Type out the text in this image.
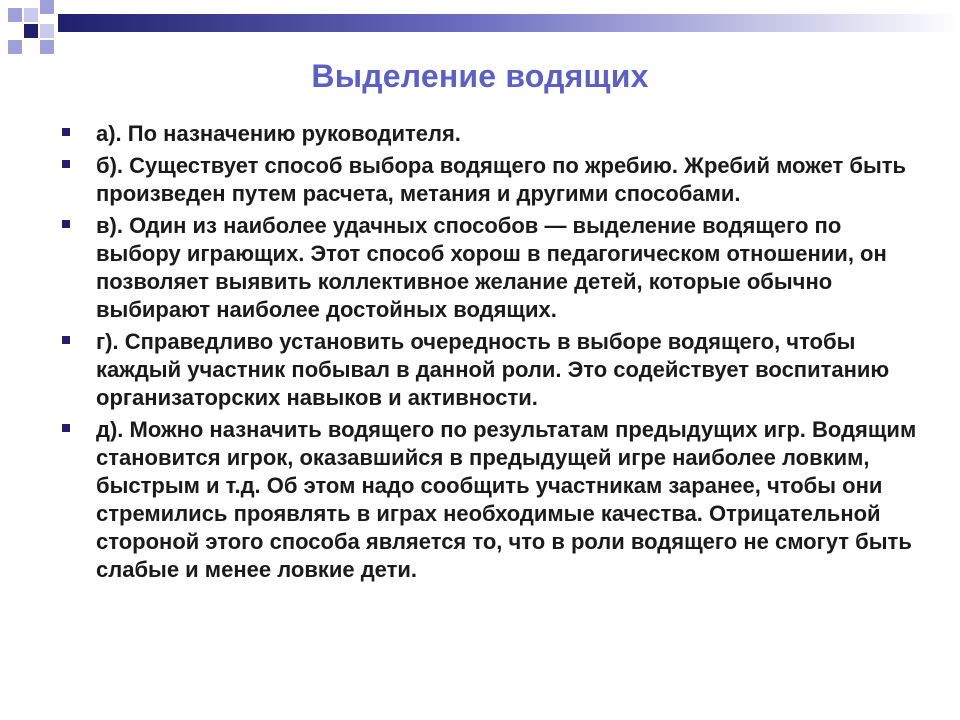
Выделение водящих
а). По назначению руководителя.
б). Существует способ выбора водящего по жребию. Жребий может быть произведен путем расчета, метания и другими способами.
в). Один из наиболее удачных способов — выделение водящего по выбору играющих. Этот способ хорош в педагогическом отношении, он позволяет выявить коллективное желание детей, которые обычно выбирают наиболее достойных водящих.
г). Справедливо установить очередность в выборе водящего, чтобы каждый участник побывал в данной роли. Это содействует воспитанию организаторских навыков и активности.
д). Можно назначить водящего по результатам предыдущих игр. Водящим становится игрок, оказавшийся в предыдущей игре наиболее ловким, быстрым и т.д. Об этом надо сообщить участникам заранее, чтобы они стремились проявлять в играх необходимые качества. Отрицательной стороной этого способа является то, что в роли водящего не смогут быть слабые и менее ловкие дети.
